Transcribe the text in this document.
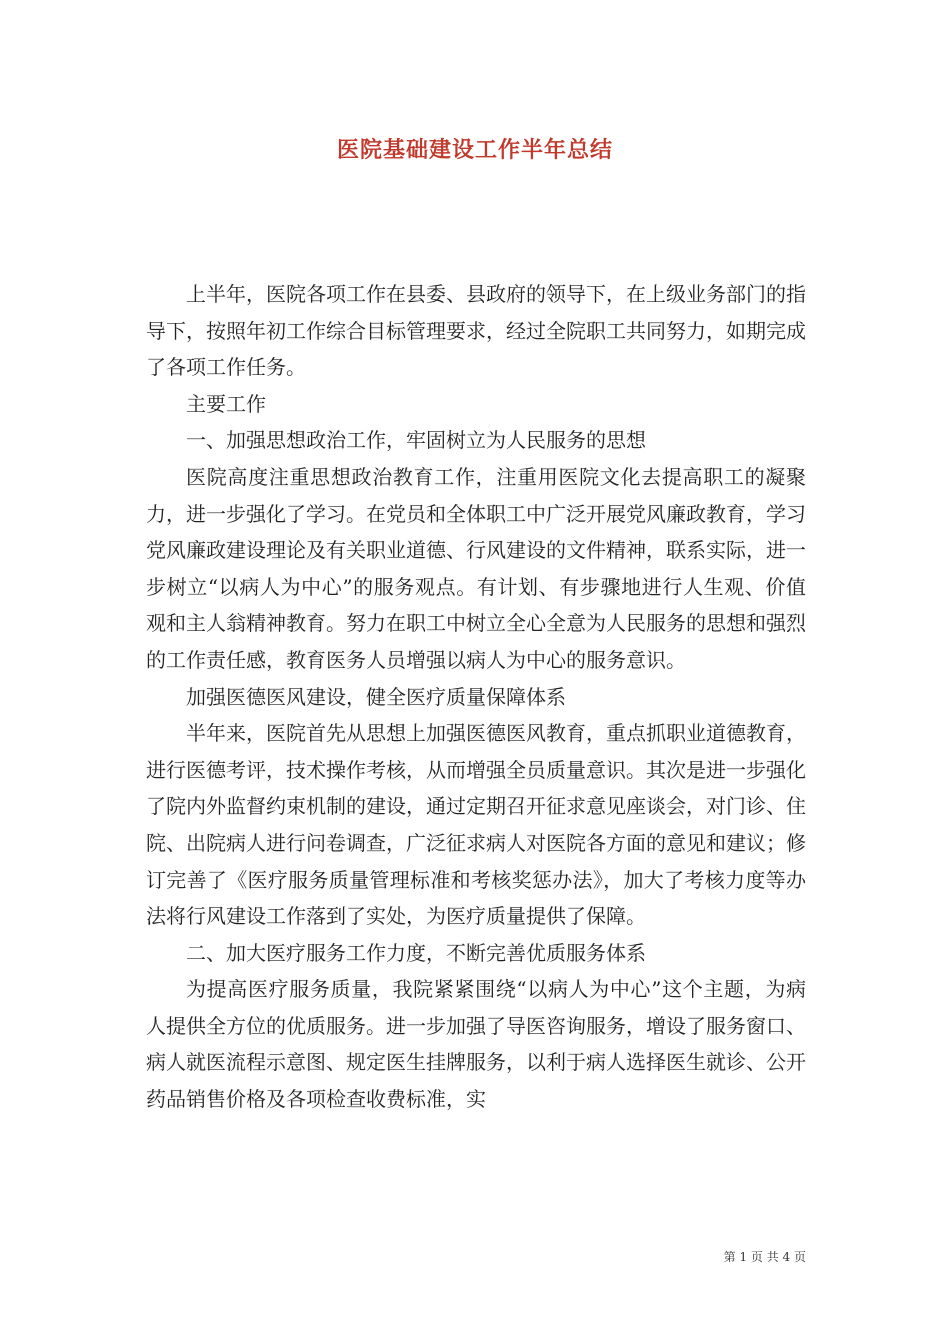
医院基础建设工作半年总结

上半年，医院各项工作在县委、县政府的领导下，在上级业务部门的指导下，按照年初工作综合目标管理要求，经过全院职工共同努力，如期完成了各项工作任务。

主要工作

一、加强思想政治工作，牢固树立为人民服务的思想

医院高度注重思想政治教育工作，注重用医院文化去提高职工的凝聚力，进一步强化了学习。在党员和全体职工中广泛开展党风廉政教育，学习党风廉政建设理论及有关职业道德、行风建设的文件精神，联系实际，进一步树立“以病人为中心”的服务观点。有计划、有步骤地进行人生观、价值观和主人翁精神教育。努力在职工中树立全心全意为人民服务的思想和强烈的工作责任感，教育医务人员增强以病人为中心的服务意识。

加强医德医风建设，健全医疗质量保障体系

半年来，医院首先从思想上加强医德医风教育，重点抓职业道德教育，进行医德考评，技术操作考核，从而增强全员质量意识。其次是进一步强化了院内外监督约束机制的建设，通过定期召开征求意见座谈会，对门诊、住院、出院病人进行问卷调查，广泛征求病人对医院各方面的意见和建议；修订完善了《医疗服务质量管理标准和考核奖惩办法》，加大了考核力度等办法将行风建设工作落到了实处，为医疗质量提供了保障。

二、加大医疗服务工作力度，不断完善优质服务体系

为提高医疗服务质量，我院紧紧围绕“以病人为中心”这个主题，为病人提供全方位的优质服务。进一步加强了导医咨询服务，增设了服务窗口、病人就医流程示意图、规定医生挂牌服务，以利于病人选择医生就诊、公开药品销售价格及各项检查收费标准，实

第 1 页 共 4 页
